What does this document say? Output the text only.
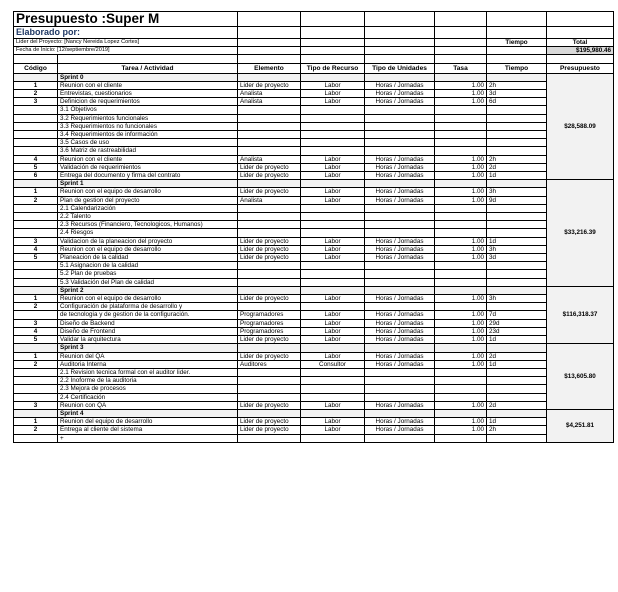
Presupuesto :Super M							
Elaborado por:							
Lider del Proyecto: [Nancy Nereida Lopez Cortes]						Tiempo	Total
Fecha de Inicio: [12/septiembre/2019]							$195,980.46

Código	Tarea / Actividad	Elemento	Tipo de Recurso	Tipo de Unidades	Tasa	Tiempo	Presupuesto
	Sprint 0						$28,588.09
1	Reunion con el cliente	Lider de proyecto	Labor	Horas / Jornadas	1.00	2h	
2	Entrevistas, cuestionarios	Analista	Labor	Horas / Jornadas	1.00	3d	
3	Definicion de requerimientos	Analista	Labor	Horas / Jornadas	1.00	6d	
	3.1 Objetivos						
	3.2 Requerimientos funcionales						
	3.3 Requerimientos no funcionales						
	3.4 Requerimientos de información						
	3.5 Casos de uso						
	3.6 Matriz de rastreabilidad						
4	Reunion con el cliente	Analista	Labor	Horas / Jornadas	1.00	2h	
5	Validación de requerimientos	Lider de proyecto	Labor	Horas / Jornadas	1.00	2d	
6	Entrega del documento y firma del contrato	Lider de proyecto	Labor	Horas / Jornadas	1.00	1d	
	Sprint 1						$33,216.39
1	Reunion con el equipo de desarrollo	Lider de proyecto	Labor	Horas / Jornadas	1.00	3h	
2	Plan de gestion del proyecto	Analista	Labor	Horas / Jornadas	1.00	9d	
	2.1 Calendarización						
	2.2 Talento						
	2.3 Recursos (Financiero, Tecnologicos, Humanos)						
	2.4 Riesgos						
3	Validacion de la planeacion del proyecto	Lider de proyecto	Labor	Horas / Jornadas	1.00	1d	
4	Reunion con el equipo de desarrollo	Lider de proyecto	Labor	Horas / Jornadas	1.00	3h	
5	Planeacion de la calidad	Lider de proyecto	Labor	Horas / Jornadas	1.00	3d	
	5.1 Asignacion de la calidad						
	5.2 Plan de pruebas						
	5.3 Validación del Plan de calidad						
	Sprint 2						$116,318.37
1	Reunion con el equipo de desarrollo	Lider de proyecto	Labor	Horas / Jornadas	1.00	3h	
2	Configuración de plataforma de desarrollo y						
	de tecnologia y de gestion de la configuración.	Programadores	Labor	Horas / Jornadas	1.00	7d	
3	Diseño de Backend	Programadores	Labor	Horas / Jornadas	1.00	29d	
4	Diseño de Frontend	Programadores	Labor	Horas / Jornadas	1.00	23d	
5	Validar la arquitectura	Lider de proyecto	Labor	Horas / Jornadas	1.00	1d	
	Sprint 3						$13,605.80
1	Reunion del QA	Lider de proyecto	Labor	Horas / Jornadas	1.00	2d	
2	Auditoria Interna	Auditores	Consultor	Horas / Jornadas	1.00	1d	
	2.1 Revision tecnica formal con el auditor lider.						
	2.2 Inoforme de la auditoria						
	2.3 Mejora de procesos						
	2.4 Certificación						
3	Reunion con QA	Lider de proyecto	Labor	Horas / Jornadas	1.00	2d	
	Sprint 4						$4,251.81
1	Reunion del equipo de desarrollo	Lider de proyecto	Labor	Horas / Jornadas	1.00	1d	
2	Entrega al cliente del sistema	Lider de proyecto	Labor	Horas / Jornadas	1.00	2h	
	+						
